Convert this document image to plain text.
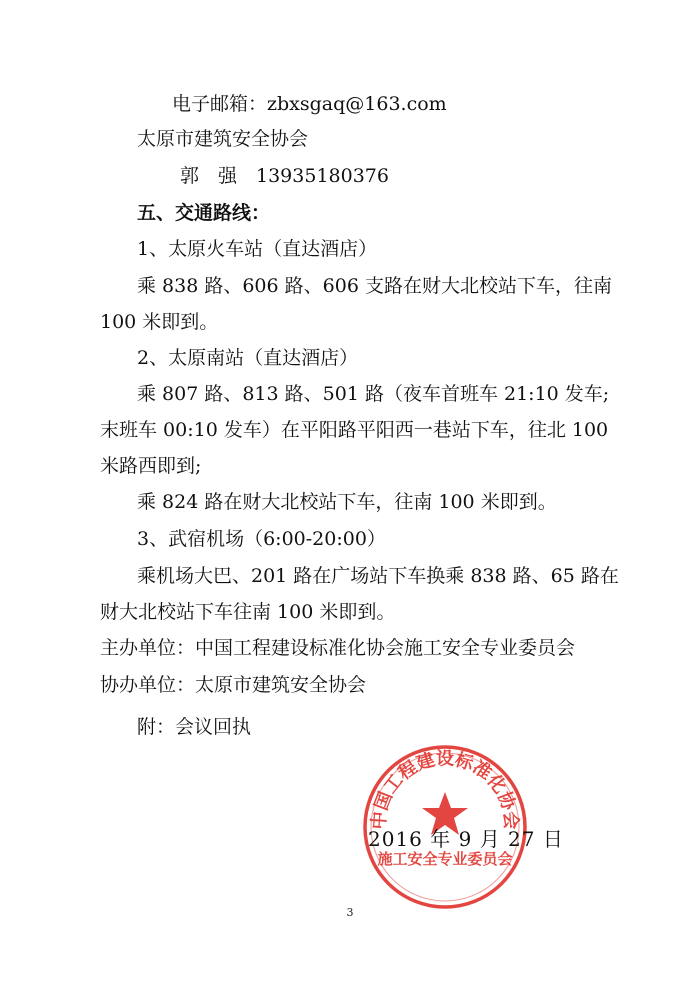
电子邮箱：zbxsgaq@163.com
太原市建筑安全协会
郭　强　13935180376
五、交通路线：
1、太原火车站（直达酒店）
乘 838 路、606 路、606 支路在财大北校站下车，往南
100 米即到。
2、太原南站（直达酒店）
乘 807 路、813 路、501 路（夜车首班车 21:10 发车;
末班车 00:10 发车）在平阳路平阳西一巷站下车，往北 100
米路西即到;
乘 824 路在财大北校站下车，往南 100 米即到。
3、武宿机场（6:00-20:00）
乘机场大巴、201 路在广场站下车换乘 838 路、65 路在
财大北校站下车往南 100 米即到。
主办单位：中国工程建设标准化协会施工安全专业委员会
协办单位：太原市建筑安全协会
附：会议回执
中国工程建设标准化协会
施工安全专业委员会
2016 年 9 月 27 日
3
